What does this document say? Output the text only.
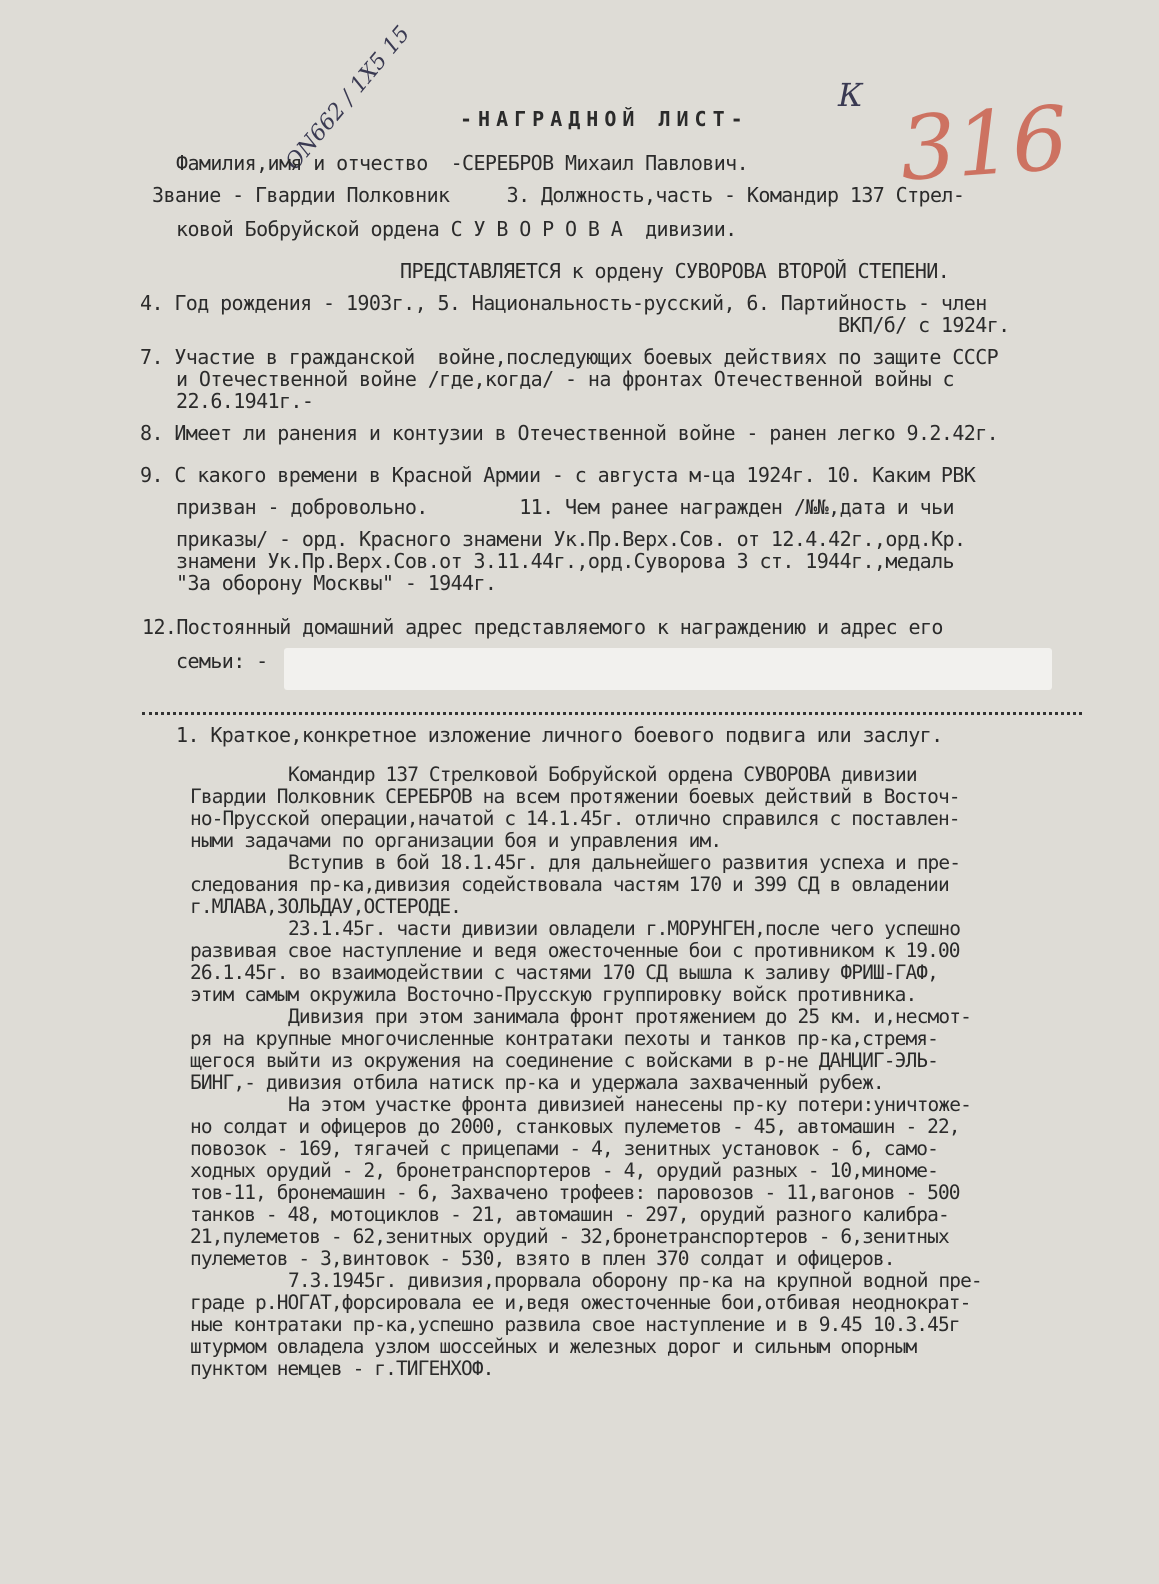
ОN662 / 1Х5 15	К 316
-НАГРАДНОЙ ЛИСТ-
Фамилия,имя и отчество  -СЕРЕБРОВ Михаил Павлович.
Звание - Гвардии Полковник     3. Должность,часть - Командир 137 Стрел-
ковой Бобруйской ордена С У В О Р О В А  дивизии.
ПРЕДСТАВЛЯЕТСЯ к ордену СУВОРОВА ВТОРОЙ СТЕПЕНИ.
4. Год рождения - 1903г., 5. Национальность-русский, 6. Партийность - член
ВКП/б/ с 1924г.
7. Участие в гражданской  войне,последующих боевых действиях по защите СССР
и Отечественной войне /где,когда/ - на фронтах Отечественной войны с
22.6.1941г.-
8. Имеет ли ранения и контузии в Отечественной войне - ранен легко 9.2.42г.
9. С какого времени в Красной Армии - с августа м-ца 1924г. 10. Каким РВК
призван - добровольно.        11. Чем ранее награжден /№№,дата и чьи
приказы/ - орд. Красного знамени Ук.Пр.Верх.Сов. от 12.4.42г.,орд.Кр.
знамени Ук.Пр.Верх.Сов.от 3.11.44г.,орд.Суворова 3 ст. 1944г.,медаль
"За оборону Москвы" - 1944г.
12.Постоянный домашний адрес представляемого к награждению и адрес его
семьи: -
1. Краткое,конкретное изложение личного боевого подвига или заслуг.
Командир 137 Стрелковой Бобруйской ордена СУВОРОВА дивизии
Гвардии Полковник СЕРЕБРОВ на всем протяжении боевых действий в Восточ-
но-Прусской операции,начатой с 14.1.45г. отлично справился с поставлен-
ными задачами по организации боя и управления им.
Вступив в бой 18.1.45г. для дальнейшего развития успеха и пре-
следования пр-ка,дивизия содействовала частям 170 и 399 СД в овладении
г.МЛАВА,ЗОЛЬДАУ,ОСТЕРОДЕ.
23.1.45г. части дивизии овладели г.МОРУНГЕН,после чего успешно
развивая свое наступление и ведя ожесточенные бои с противником к 19.00
26.1.45г. во взаимодействии с частями 170 СД вышла к заливу ФРИШ-ГАФ,
этим самым окружила Восточно-Прусскую группировку войск противника.
Дивизия при этом занимала фронт протяжением до 25 км. и,несмот-
ря на крупные многочисленные контратаки пехоты и танков пр-ка,стремя-
щегося выйти из окружения на соединение с войсками в р-не ДАНЦИГ-ЭЛЬ-
БИНГ,- дивизия отбила натиск пр-ка и удержала захваченный рубеж.
На этом участке фронта дивизией нанесены пр-ку потери:уничтоже-
но солдат и офицеров до 2000, станковых пулеметов - 45, автомашин - 22,
повозок - 169, тягачей с прицепами - 4, зенитных установок - 6, само-
ходных орудий - 2, бронетранспортеров - 4, орудий разных - 10,миноме-
тов-11, бронемашин - 6, Захвачено трофеев: паровозов - 11,вагонов - 500
танков - 48, мотоциклов - 21, автомашин - 297, орудий разного калибра-
21,пулеметов - 62,зенитных орудий - 32,бронетранспортеров - 6,зенитных
пулеметов - 3,винтовок - 530, взято в плен 370 солдат и офицеров.
7.3.1945г. дивизия,прорвала оборону пр-ка на крупной водной пре-
граде р.НОГАТ,форсировала ее и,ведя ожесточенные бои,отбивая неоднократ-
ные контратаки пр-ка,успешно развила свое наступление и в 9.45 10.3.45г
штурмом овладела узлом шоссейных и железных дорог и сильным опорным
пунктом немцев - г.ТИГЕНХОФ.
